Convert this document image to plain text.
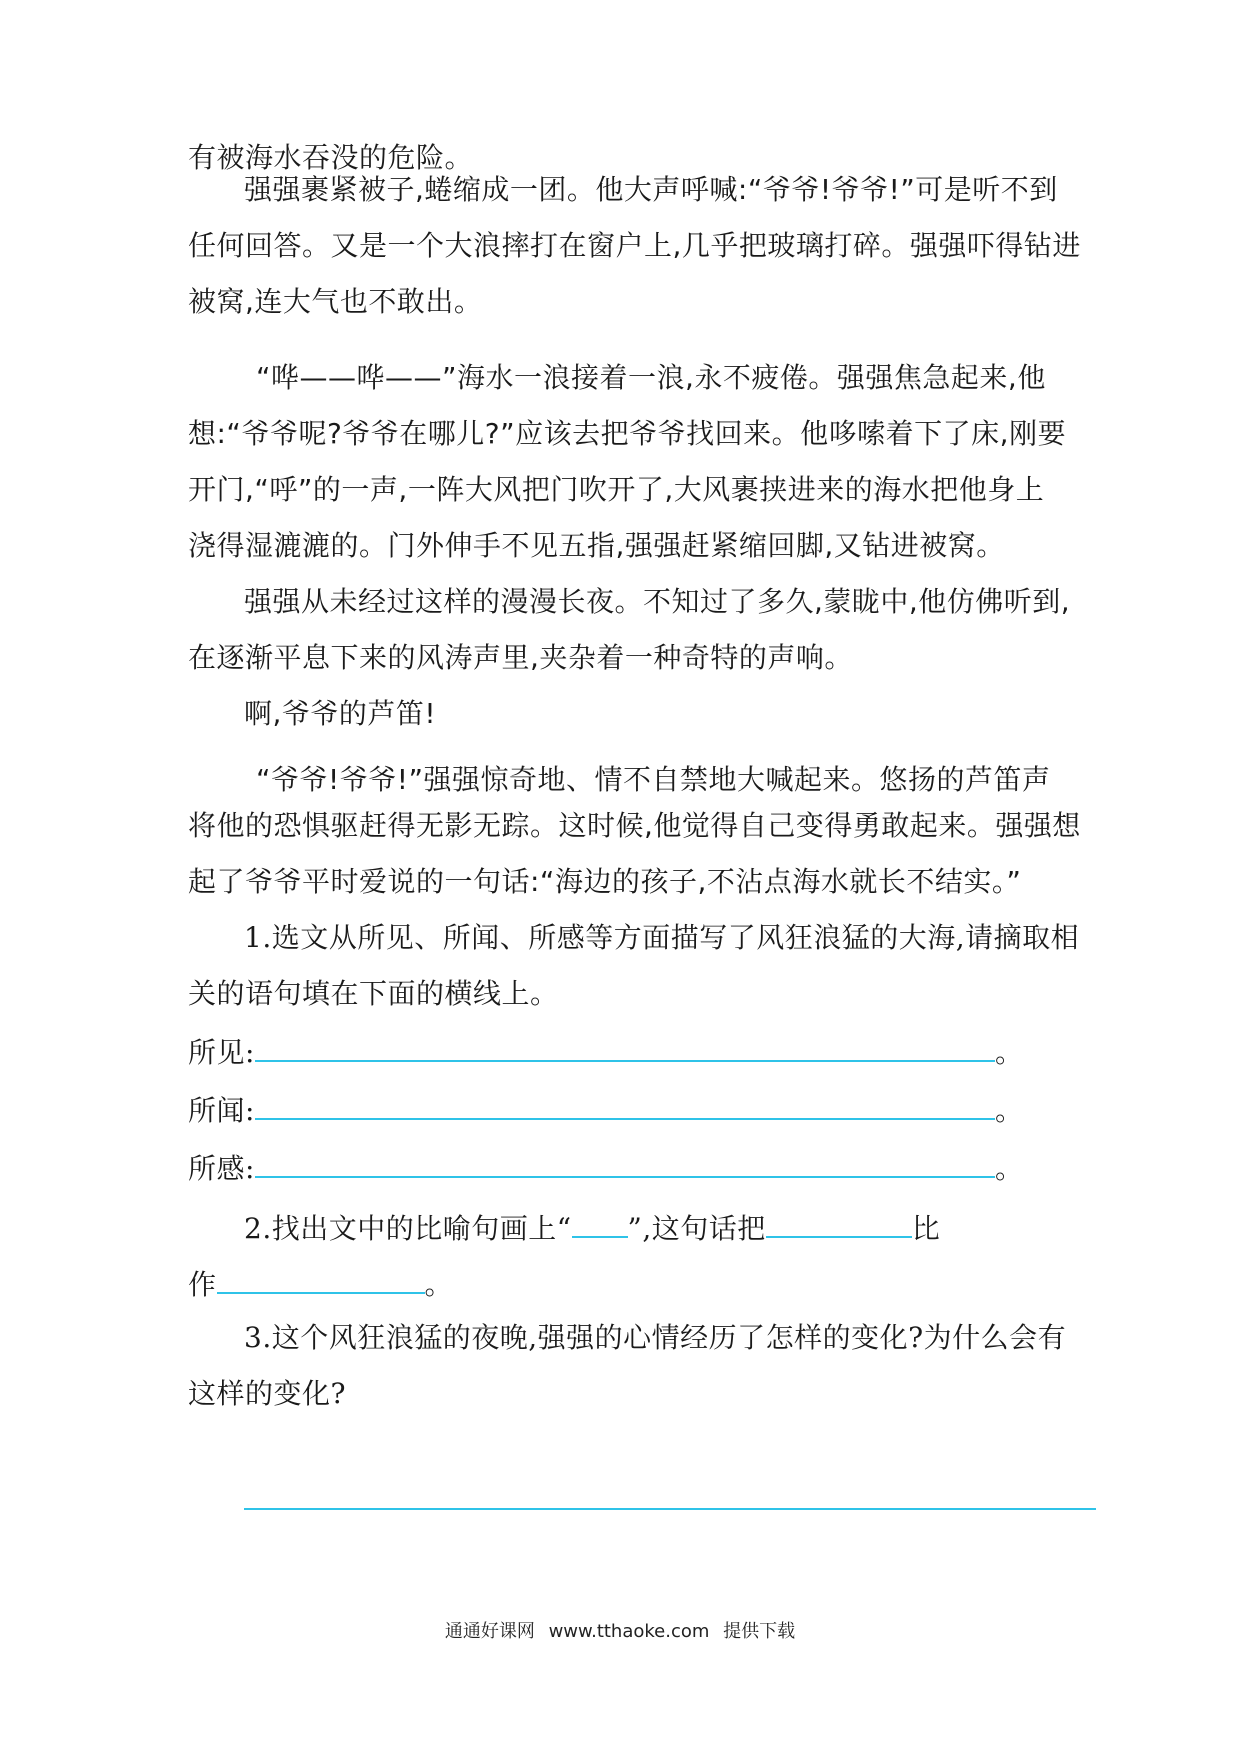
有被海水吞没的危险。
强强裹紧被子,蜷缩成一团。他大声呼喊:“爷爷!爷爷!”可是听不到
任何回答。又是一个大浪摔打在窗户上,几乎把玻璃打碎。强强吓得钻进
被窝,连大气也不敢出。
“哗——哗——”海水一浪接着一浪,永不疲倦。强强焦急起来,他
想:“爷爷呢?爷爷在哪儿?”应该去把爷爷找回来。他哆嗦着下了床,刚要
开门,“呼”的一声,一阵大风把门吹开了,大风裹挟进来的海水把他身上
浇得湿漉漉的。门外伸手不见五指,强强赶紧缩回脚,又钻进被窝。
强强从未经过这样的漫漫长夜。不知过了多久,蒙眬中,他仿佛听到,
在逐渐平息下来的风涛声里,夹杂着一种奇特的声响。
啊,爷爷的芦笛!
“爷爷!爷爷!”强强惊奇地、情不自禁地大喊起来。悠扬的芦笛声
将他的恐惧驱赶得无影无踪。这时候,他觉得自己变得勇敢起来。强强想
起了爷爷平时爱说的一句话:“海边的孩子,不沾点海水就长不结实。”
1.选文从所见、所闻、所感等方面描写了风狂浪猛的大海,请摘取相
关的语句填在下面的横线上。
所见:	。
所闻:	。
所感:	。
2.找出文中的比喻句画上“ ”,这句话把	比
作	。
3.这个风狂浪猛的夜晚,强强的心情经历了怎样的变化?为什么会有
这样的变化?
通通好课网 www.tthaoke.com 提供下载
